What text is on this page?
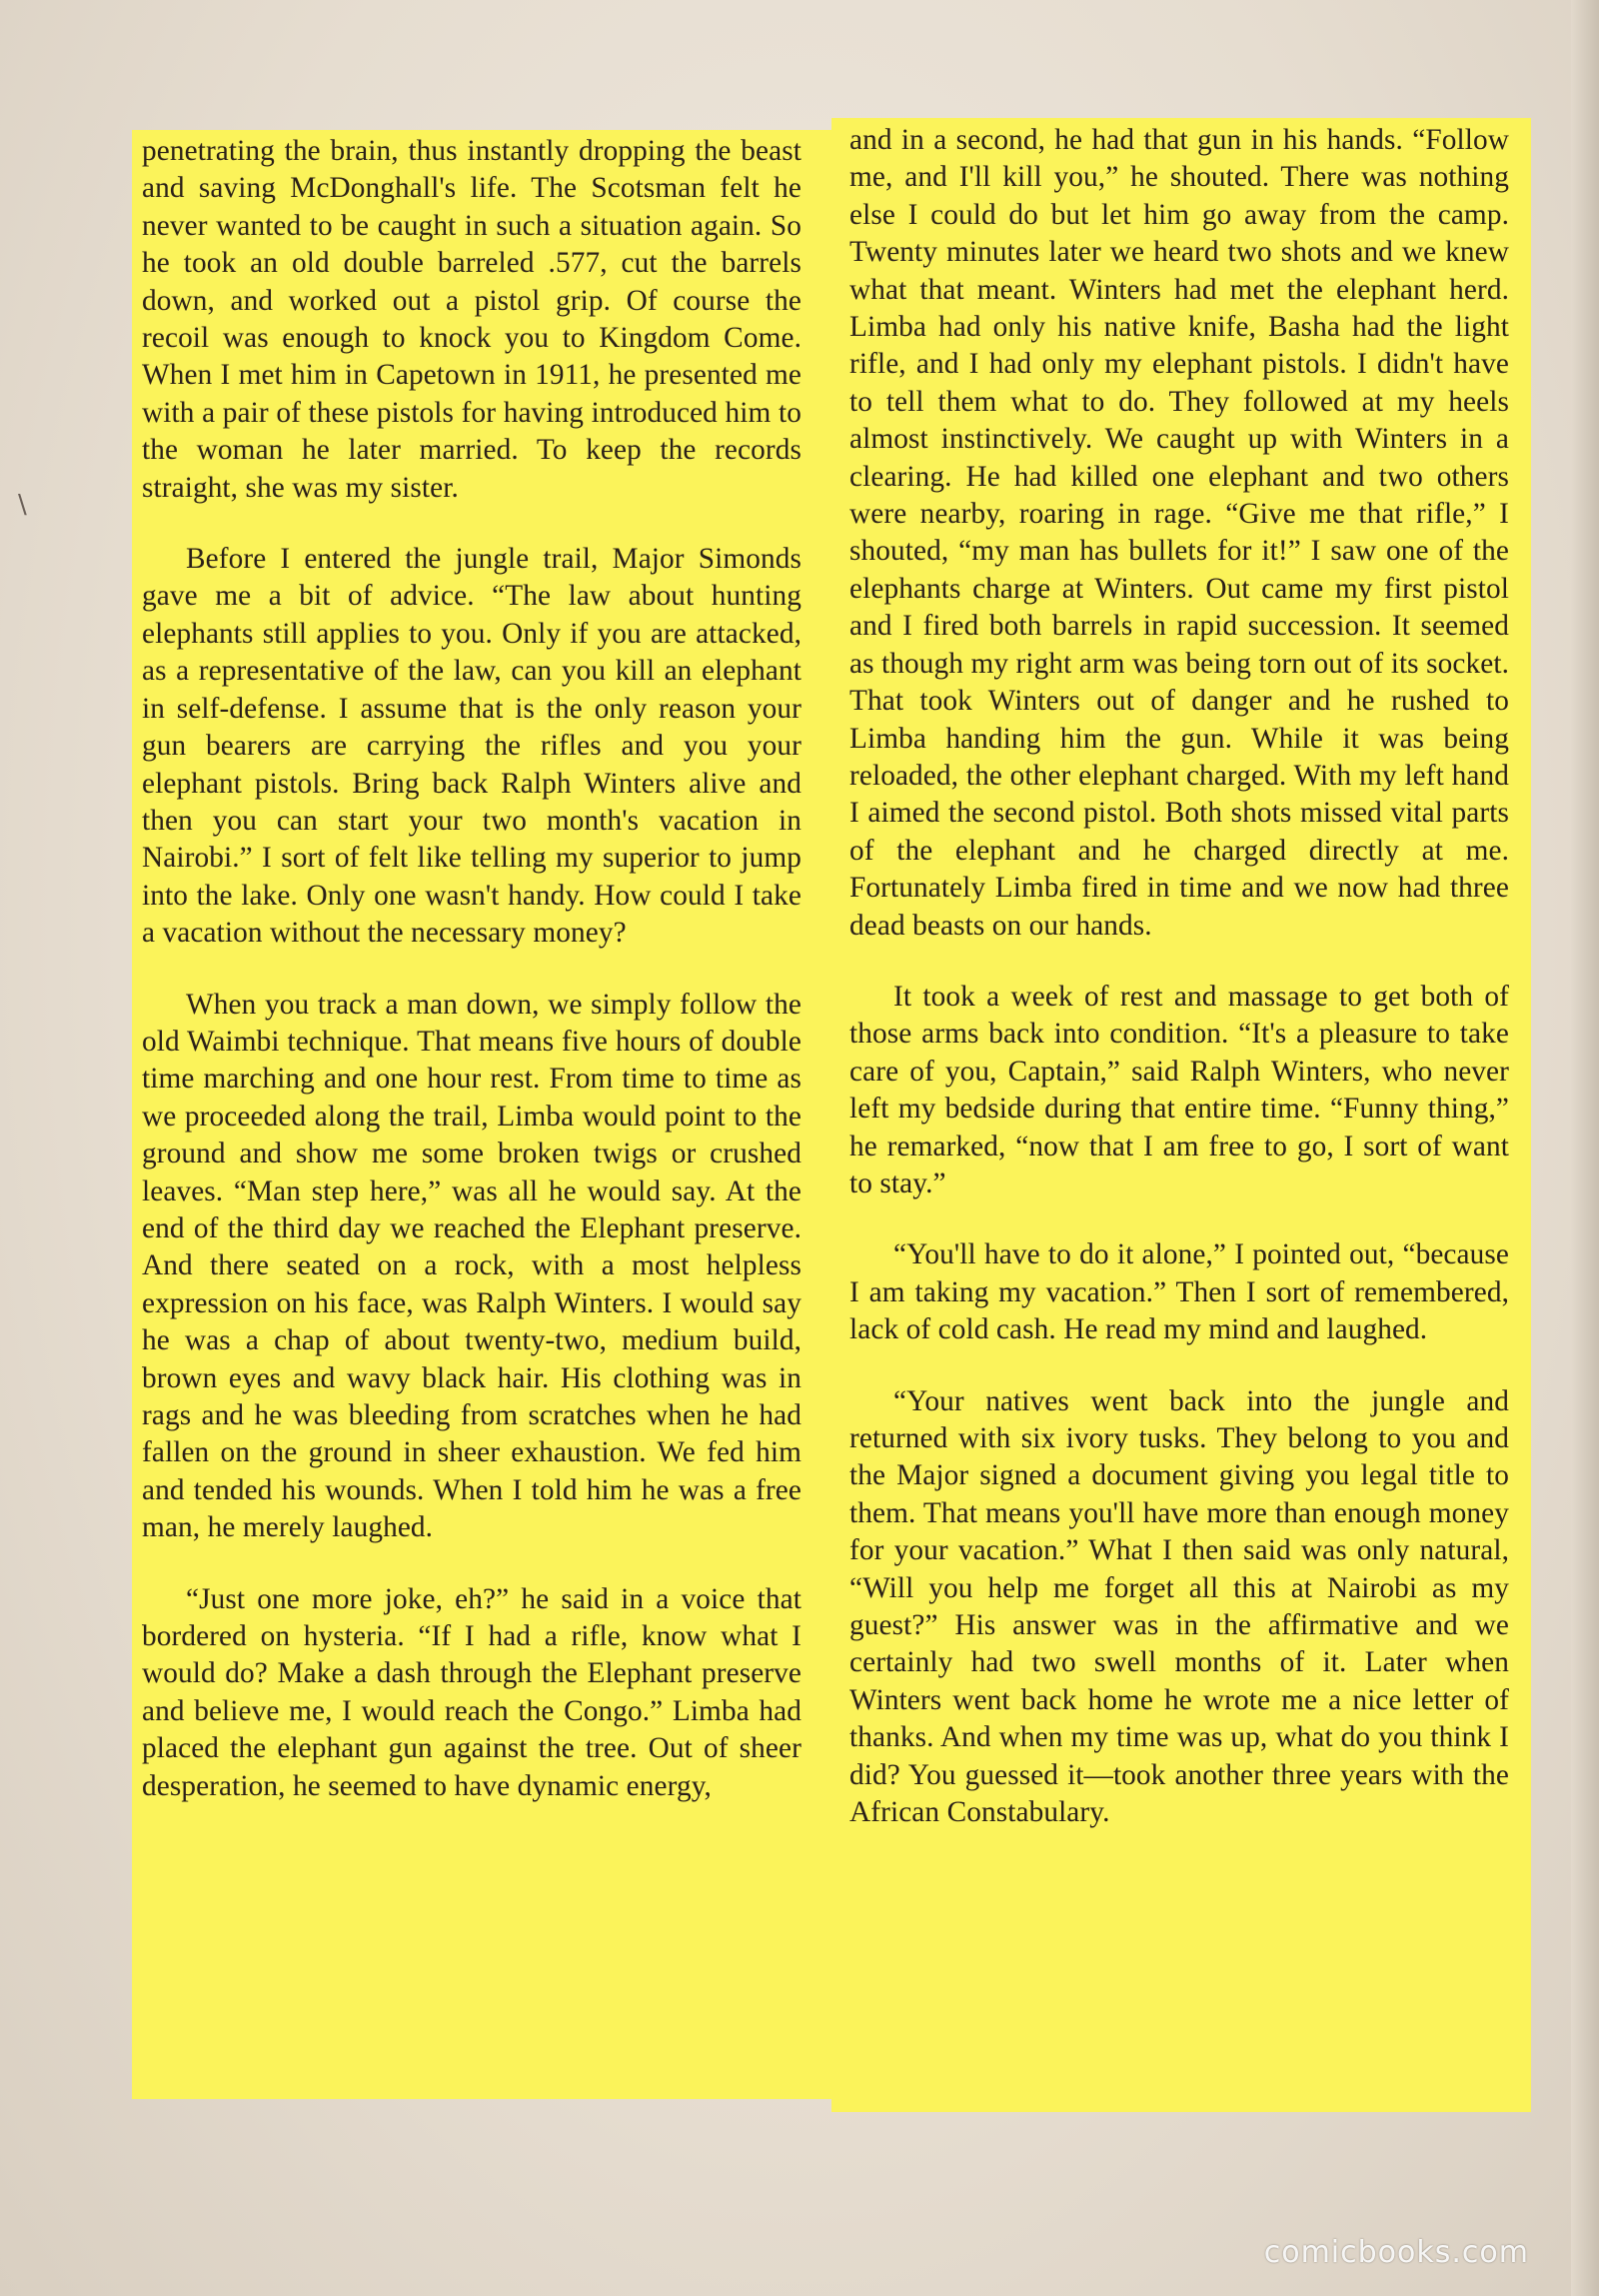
\

penetrating the brain, thus instantly dropping the beast and saving McDonghall's life. The Scotsman felt he never wanted to be caught in such a situation again. So he took an old double barreled .577, cut the barrels down, and worked out a pistol grip. Of course the recoil was enough to knock you to Kingdom Come. When I met him in Capetown in 1911, he presented me with a pair of these pistols for having introduced him to the woman he later married. To keep the records straight, she was my sister.

Before I entered the jungle trail, Major Simonds gave me a bit of advice. “The law about hunting elephants still applies to you. Only if you are attacked, as a representative of the law, can you kill an elephant in self-defense. I assume that is the only reason your gun bearers are carrying the rifles and you your elephant pistols. Bring back Ralph Winters alive and then you can start your two month's vacation in Nairobi.” I sort of felt like telling my superior to jump into the lake. Only one wasn't handy. How could I take a vacation without the necessary money?

When you track a man down, we simply follow the old Waimbi technique. That means five hours of double time marching and one hour rest. From time to time as we proceeded along the trail, Limba would point to the ground and show me some broken twigs or crushed leaves. “Man step here,” was all he would say. At the end of the third day we reached the Elephant preserve. And there seated on a rock, with a most helpless expression on his face, was Ralph Winters. I would say he was a chap of about twenty-two, medium build, brown eyes and wavy black hair. His clothing was in rags and he was bleeding from scratches when he had fallen on the ground in sheer exhaustion. We fed him and tended his wounds. When I told him he was a free man, he merely laughed.

“Just one more joke, eh?” he said in a voice that bordered on hysteria. “If I had a rifle, know what I would do? Make a dash through the Elephant preserve and believe me, I would reach the Congo.” Limba had placed the elephant gun against the tree. Out of sheer desperation, he seemed to have dynamic energy,

and in a second, he had that gun in his hands. “Follow me, and I'll kill you,” he shouted. There was nothing else I could do but let him go away from the camp. Twenty minutes later we heard two shots and we knew what that meant. Winters had met the elephant herd. Limba had only his native knife, Basha had the light rifle, and I had only my elephant pistols. I didn't have to tell them what to do. They followed at my heels almost instinctively. We caught up with Winters in a clearing. He had killed one elephant and two others were nearby, roaring in rage. “Give me that rifle,” I shouted, “my man has bullets for it!” I saw one of the elephants charge at Winters. Out came my first pistol and I fired both barrels in rapid succession. It seemed as though my right arm was being torn out of its socket. That took Winters out of danger and he rushed to Limba handing him the gun. While it was being reloaded, the other elephant charged. With my left hand I aimed the second pistol. Both shots missed vital parts of the elephant and he charged directly at me. Fortunately Limba fired in time and we now had three dead beasts on our hands.

It took a week of rest and massage to get both of those arms back into condition. “It's a pleasure to take care of you, Captain,” said Ralph Winters, who never left my bedside during that entire time. “Funny thing,” he remarked, “now that I am free to go, I sort of want to stay.”

“You'll have to do it alone,” I pointed out, “because I am taking my vacation.” Then I sort of remembered, lack of cold cash. He read my mind and laughed.

“Your natives went back into the jungle and returned with six ivory tusks. They belong to you and the Major signed a document giving you legal title to them. That means you'll have more than enough money for your vacation.” What I then said was only natural, “Will you help me forget all this at Nairobi as my guest?” His answer was in the affirmative and we certainly had two swell months of it. Later when Winters went back home he wrote me a nice letter of thanks. And when my time was up, what do you think I did? You guessed it—took another three years with the African Constabulary.

comicbooks.com
